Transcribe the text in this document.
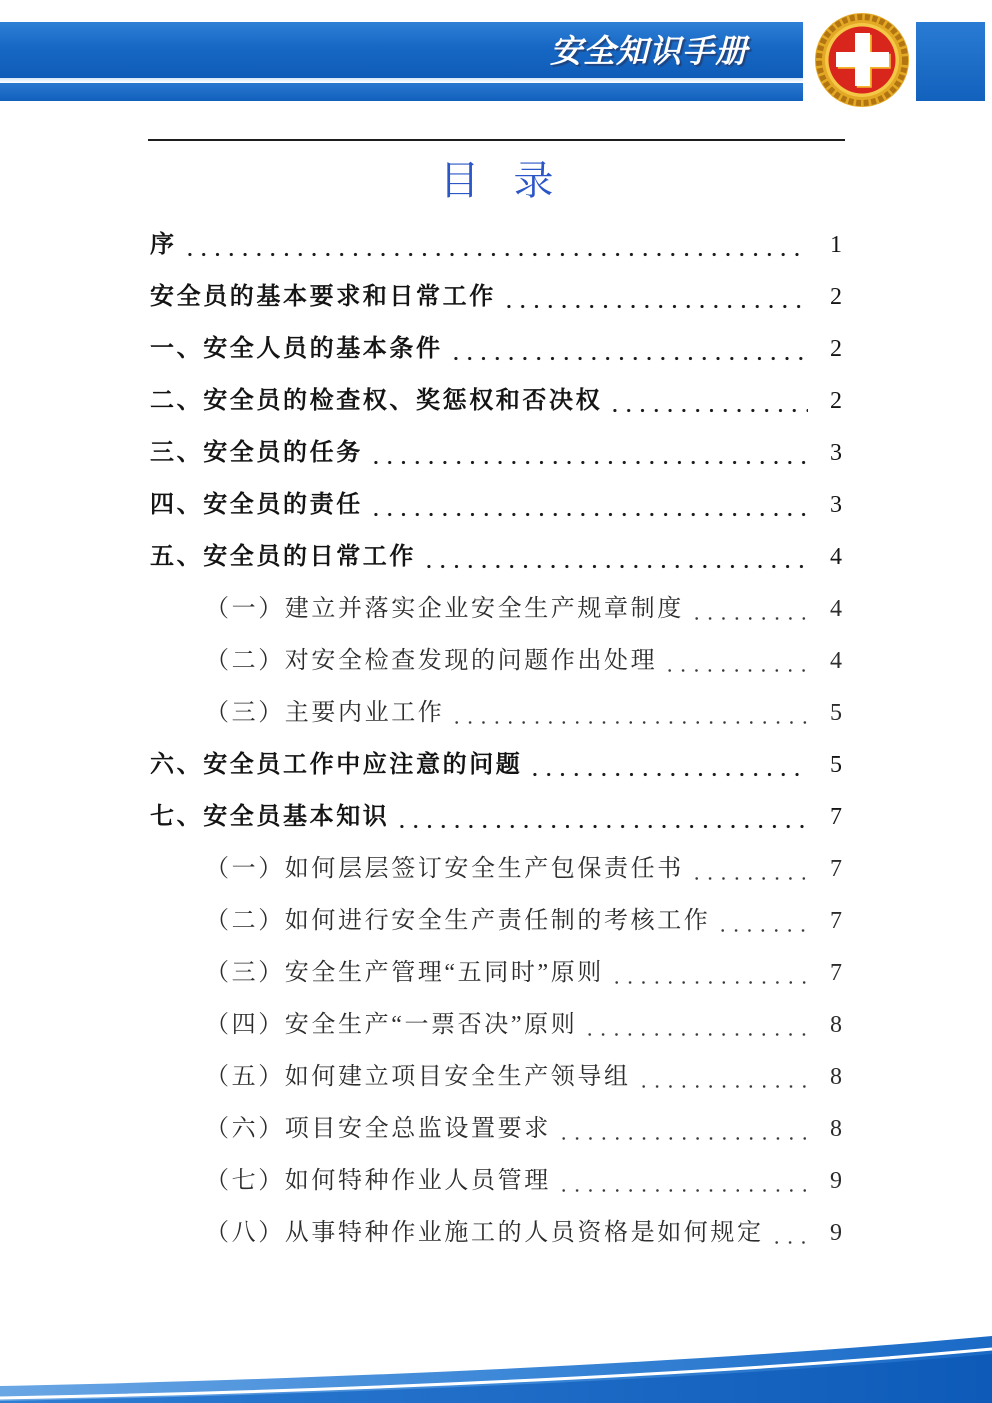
安全知识手册
目 录
序	1
安全员的基本要求和日常工作	2
一、安全人员的基本条件	2
二、安全员的检查权、奖惩权和否决权	2
三、安全员的任务	3
四、安全员的责任	3
五、安全员的日常工作	4
（一）建立并落实企业安全生产规章制度	4
（二）对安全检查发现的问题作出处理	4
（三）主要内业工作	5
六、安全员工作中应注意的问题	5
七、安全员基本知识	7
（一）如何层层签订安全生产包保责任书	7
（二）如何进行安全生产责任制的考核工作	7
（三）安全生产管理“五同时”原则	7
（四）安全生产“一票否决”原则	8
（五）如何建立项目安全生产领导组	8
（六）项目安全总监设置要求	8
（七）如何特种作业人员管理	9
（八）从事特种作业施工的人员资格是如何规定	9
